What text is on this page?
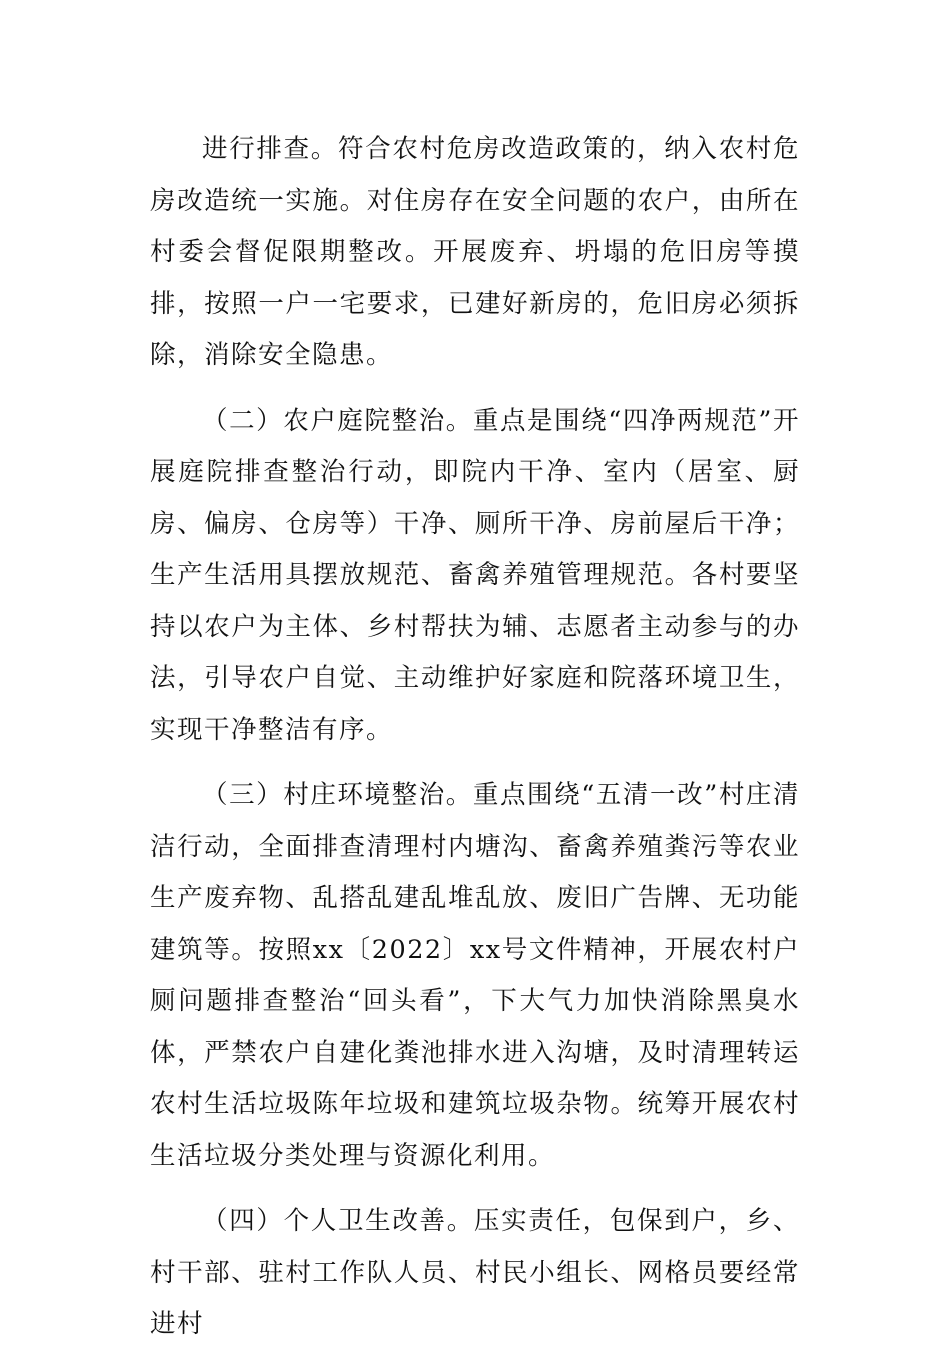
进行排查。符合农村危房改造政策的，纳入农村危房改造统一实施。对住房存在安全问题的农户，由所在村委会督促限期整改。开展废弃、坍塌的危旧房等摸排，按照一户一宅要求，已建好新房的，危旧房必须拆除，消除安全隐患。

（二）农户庭院整治。重点是围绕“四净两规范”开展庭院排查整治行动，即院内干净、室内（居室、厨房、偏房、仓房等）干净、厕所干净、房前屋后干净；生产生活用具摆放规范、畜禽养殖管理规范。各村要坚持以农户为主体、乡村帮扶为辅、志愿者主动参与的办法，引导农户自觉、主动维护好家庭和院落环境卫生，实现干净整洁有序。

（三）村庄环境整治。重点围绕“五清一改”村庄清洁行动，全面排查清理村内塘沟、畜禽养殖粪污等农业生产废弃物、乱搭乱建乱堆乱放、废旧广告牌、无功能建筑等。按照xx〔2022〕xx号文件精神，开展农村户厕问题排查整治“回头看”，下大气力加快消除黑臭水体，严禁农户自建化粪池排水进入沟塘，及时清理转运农村生活垃圾陈年垃圾和建筑垃圾杂物。统筹开展农村生活垃圾分类处理与资源化利用。

（四）个人卫生改善。压实责任，包保到户，乡、村干部、驻村工作队人员、村民小组长、网格员要经常进村
